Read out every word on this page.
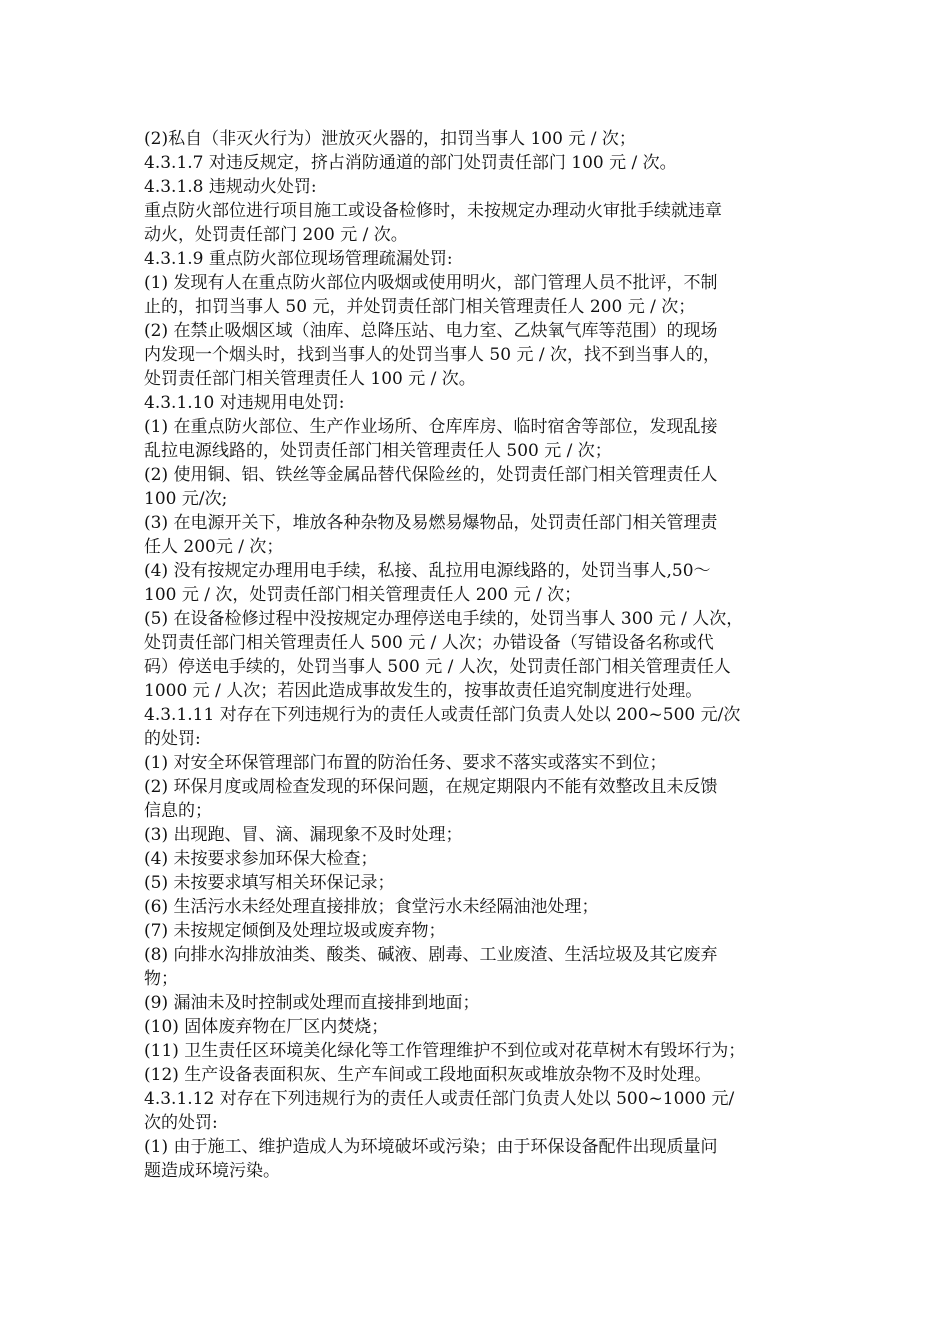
(2)私自（非灭火行为）泄放灭火器的，扣罚当事人 100 元 / 次；
4.3.1.7 对违反规定，挤占消防通道的部门处罚责任部门 100 元 / 次。
4.3.1.8 违规动火处罚:
重点防火部位进行项目施工或设备检修时，未按规定办理动火审批手续就违章
动火，处罚责任部门 200 元 / 次。
4.3.1.9 重点防火部位现场管理疏漏处罚:
(1) 发现有人在重点防火部位内吸烟或使用明火，部门管理人员不批评，不制
止的，扣罚当事人 50 元，并处罚责任部门相关管理责任人 200 元 / 次；
(2) 在禁止吸烟区域（油库、总降压站、电力室、乙炔氧气库等范围）的现场
内发现一个烟头时，找到当事人的处罚当事人 50 元 / 次，找不到当事人的，
处罚责任部门相关管理责任人 100 元 / 次。
4.3.1.10 对违规用电处罚:
(1) 在重点防火部位、生产作业场所、仓库库房、临时宿舍等部位，发现乱接
乱拉电源线路的，处罚责任部门相关管理责任人 500 元 / 次；
(2) 使用铜、铝、铁丝等金属品替代保险丝的，处罚责任部门相关管理责任人
100 元/次;
(3) 在电源开关下，堆放各种杂物及易燃易爆物品，处罚责任部门相关管理责
任人 200元 / 次；
(4) 没有按规定办理用电手续，私接、乱拉用电源线路的，处罚当事人,50～
100 元 / 次，处罚责任部门相关管理责任人 200 元 / 次；
(5) 在设备检修过程中没按规定办理停送电手续的，处罚当事人 300 元 / 人次，
处罚责任部门相关管理责任人 500 元 / 人次；办错设备（写错设备名称或代
码）停送电手续的，处罚当事人 500 元 / 人次，处罚责任部门相关管理责任人
1000 元 / 人次；若因此造成事故发生的，按事故责任追究制度进行处理。
4.3.1.11 对存在下列违规行为的责任人或责任部门负责人处以 200~500 元/次
的处罚:
(1) 对安全环保管理部门布置的防治任务、要求不落实或落实不到位；
(2) 环保月度或周检查发现的环保问题，在规定期限内不能有效整改且未反馈
信息的；
(3) 出现跑、冒、滴、漏现象不及时处理；
(4) 未按要求参加环保大检查；
(5) 未按要求填写相关环保记录；
(6) 生活污水未经处理直接排放；食堂污水未经隔油池处理；
(7) 未按规定倾倒及处理垃圾或废弃物；
(8) 向排水沟排放油类、酸类、碱液、剧毒、工业废渣、生活垃圾及其它废弃
物；
(9) 漏油未及时控制或处理而直接排到地面；
(10) 固体废弃物在厂区内焚烧；
(11) 卫生责任区环境美化绿化等工作管理维护不到位或对花草树木有毁坏行为；
(12) 生产设备表面积灰、生产车间或工段地面积灰或堆放杂物不及时处理。
4.3.1.12 对存在下列违规行为的责任人或责任部门负责人处以 500~1000 元/
次的处罚:
(1) 由于施工、维护造成人为环境破坏或污染；由于环保设备配件出现质量问
题造成环境污染。
